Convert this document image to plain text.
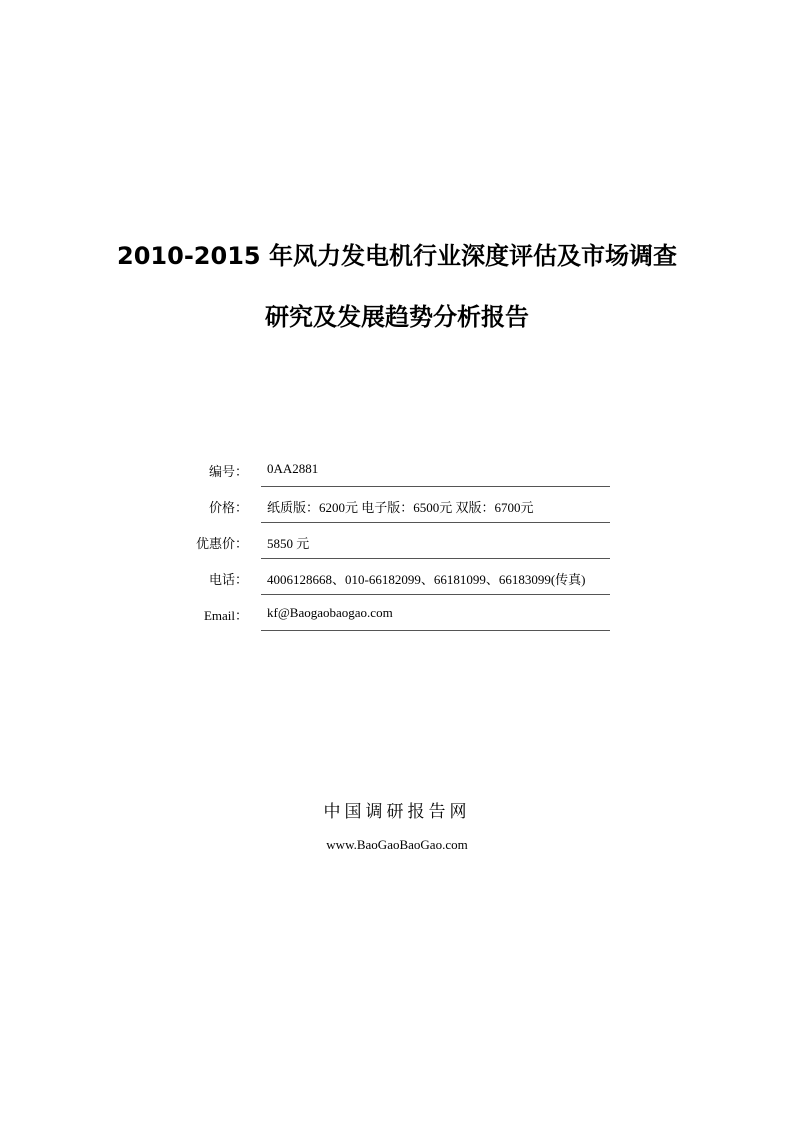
2010-2015 年风力发电机行业深度评估及市场调查
研究及发展趋势分析报告
编号： 0AA2881
价格： 纸质版：6200元 电子版：6500元 双版：6700元
优惠价： 5850 元
电话： 4006128668、010-66182099、66181099、66183099(传真)
Email： kf@Baogaobaogao.com
中国调研报告网
www.BaoGaoBaoGao.com
